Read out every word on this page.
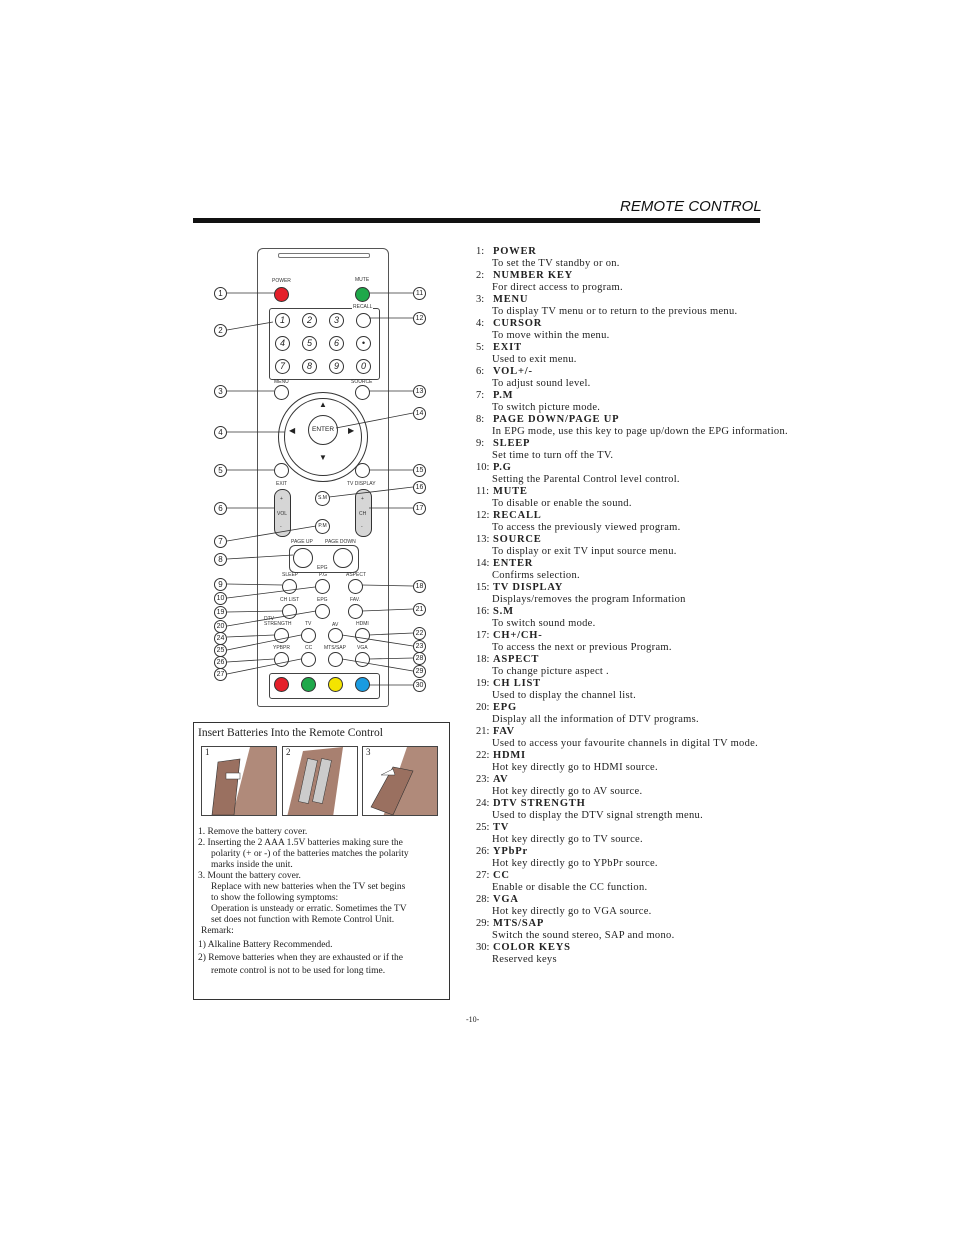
REMOTE CONTROL
POWER	MUTE
RECALL
1	2	3
4	5	6	•
7	8	9	0
MENU	SOURCE
ENTER
▲
▼
◀	▶
EXIT	TV DISPLAY
+
VOL
-
+
CH
-
S.M
P.M
PAGE UP PAGE DOWN
EPG
SLEEP	P.G	ASPECT
CH LIST	EPG	FAV.
DTV STRENGTH	TV	AV	HDMI
YPBPR	CC MTS/SAP VGA
1
2
3
4
5
6
7
8
9
10
19
20
24
25
26
27
11
12
13
14
15
16
17
18
21
22
23
28
29
30
1: POWER
To set the TV standby or on.
2: NUMBER KEY
For direct access to program.
3: MENU
To display TV menu or to return to the previous menu.
4: CURSOR
To move within the menu.
5: EXIT
Used to exit menu.
6: VOL+/-
To adjust sound level.
7: P.M
To switch picture mode.
8: PAGE DOWN/PAGE UP
In EPG mode, use this key to page up/down the EPG information.
9: SLEEP
Set time to turn off the TV.
10: P.G
Setting the Parental Control level control.
11: MUTE
To disable or enable the sound.
12: RECALL
To access the previously viewed program.
13: SOURCE
To display or exit TV input source menu.
14: ENTER
Confirms selection.
15: TV DISPLAY
Displays/removes the program Information
16: S.M
To switch sound mode.
17: CH+/CH-
To access the next or previous Program.
18: ASPECT
To change picture aspect .
19: CH LIST
Used to display the channel list.
20: EPG
Display all the information of DTV programs.
21: FAV
Used to access your favourite channels in digital TV mode.
22: HDMI
Hot key directly go to HDMI source.
23: AV
Hot key directly go to AV source.
24: DTV STRENGTH
Used to display the DTV signal strength menu.
25: TV
Hot key directly go to TV source.
26: YPbPr
Hot key directly go to YPbPr source.
27: CC
Enable or disable the CC function.
28: VGA
Hot key directly go to VGA source.
29: MTS/SAP
Switch the sound stereo, SAP and mono.
30: COLOR KEYS
Reserved keys
Insert Batteries Into the Remote Control
1	2	3

1. Remove the battery cover.

2. Inserting the 2 AAA 1.5V batteries making sure the

polarity (+ or -) of the batteries matches the polarity

marks inside the unit.

3. Mount the battery cover.

Replace with new batteries when the TV set begins

to show the following symptoms:

Operation is unsteady or erratic. Sometimes the TV

set does not function with Remote Control Unit.

Remark:

1) Alkaline Battery Recommended.

2) Remove batteries when they are exhausted or if the

remote control is not to be used for long time.

-10-
